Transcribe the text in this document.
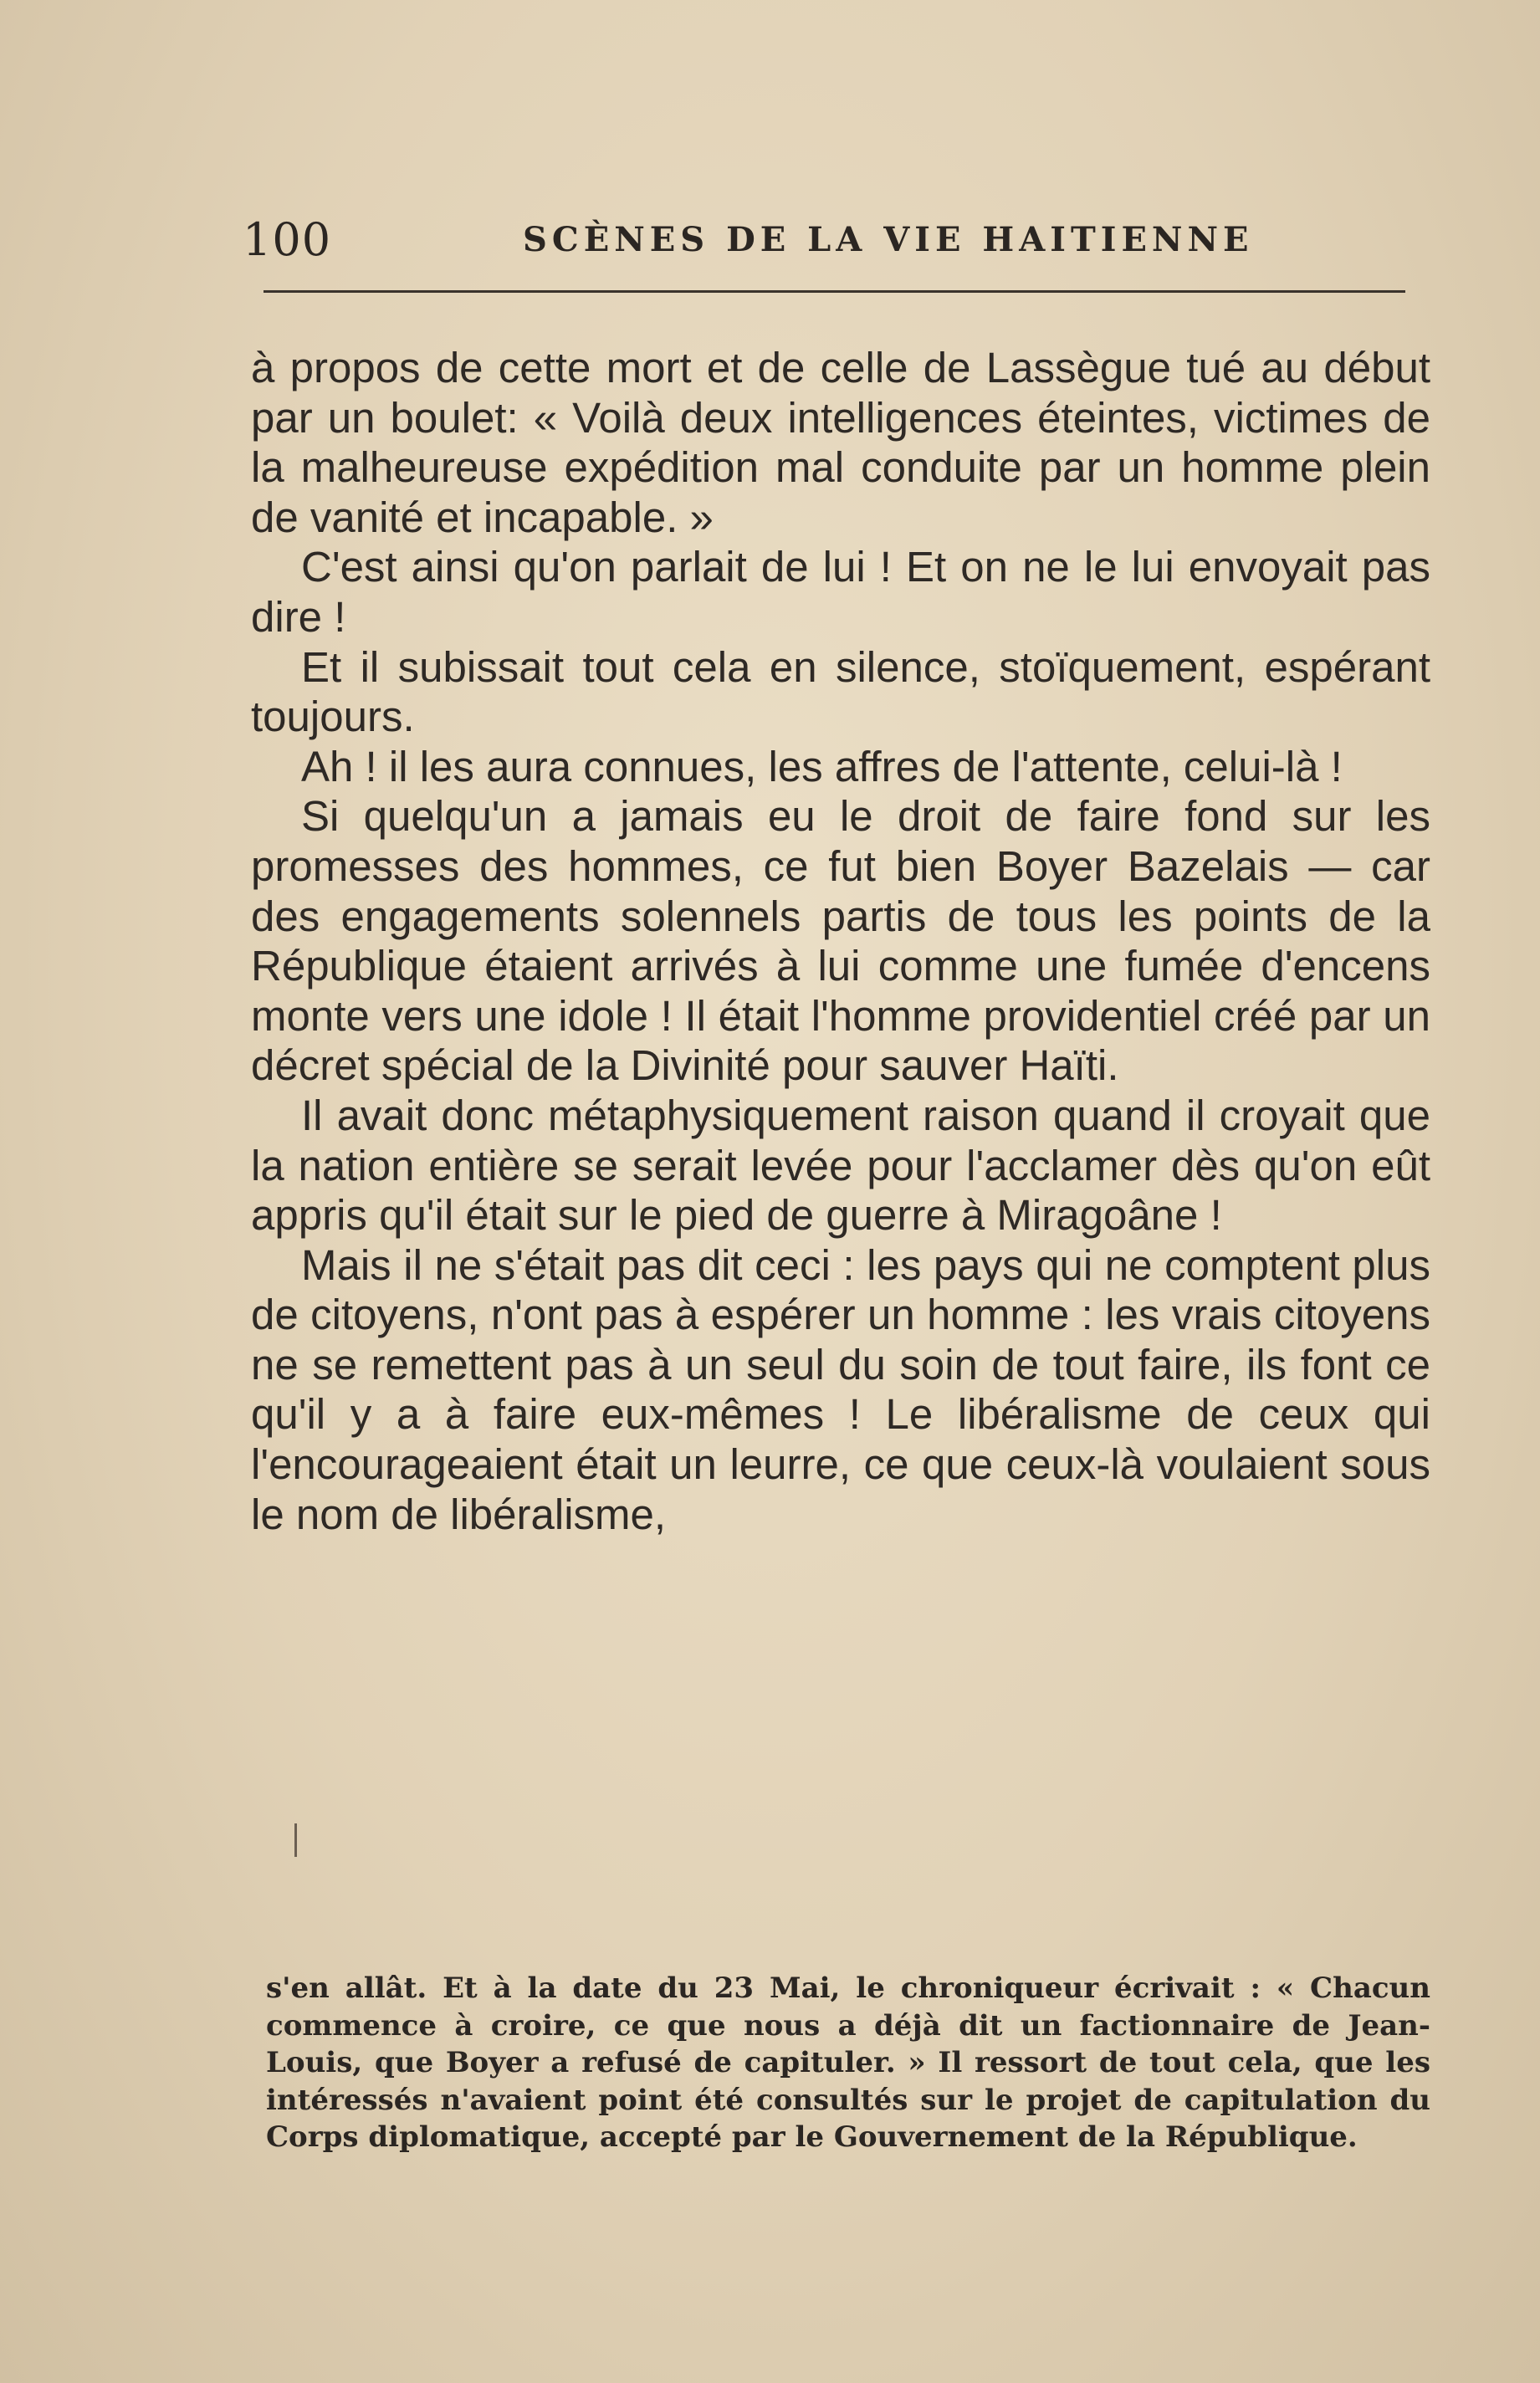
100	SCÈNES DE LA VIE HAITIENNE

à propos de cette mort et de celle de Lassègue tué au début par un boulet: « Voilà deux intelligences éteintes, victimes de la malheureuse expédition mal conduite par un homme plein de vanité et incapable. »

C'est ainsi qu'on parlait de lui ! Et on ne le lui envoyait pas dire !

Et il subissait tout cela en silence, stoïquement, espérant toujours.

Ah ! il les aura connues, les affres de l'attente, celui-là !

Si quelqu'un a jamais eu le droit de faire fond sur les promesses des hommes, ce fut bien Boyer Bazelais — car des engagements solennels partis de tous les points de la République étaient arrivés à lui comme une fumée d'encens monte vers une idole ! Il était l'homme providentiel créé par un décret spécial de la Divinité pour sauver Haïti.

Il avait donc métaphysiquement raison quand il croyait que la nation entière se serait levée pour l'acclamer dès qu'on eût appris qu'il était sur le pied de guerre à Miragoâne !

Mais il ne s'était pas dit ceci : les pays qui ne comptent plus de citoyens, n'ont pas à espérer un homme : les vrais citoyens ne se remettent pas à un seul du soin de tout faire, ils font ce qu'il y a à faire eux-mêmes ! Le libéralisme de ceux qui l'encourageaient était un leurre, ce que ceux-là voulaient sous le nom de libéralisme,

s'en allât. Et à la date du 23 Mai, le chroniqueur écrivait : « Chacun commence à croire, ce que nous a déjà dit un factionnaire de Jean-Louis, que Boyer a refusé de capituler. » Il ressort de tout cela, que les intéressés n'avaient point été consultés sur le projet de capitulation du Corps diplomatique, accepté par le Gouvernement de la République.
